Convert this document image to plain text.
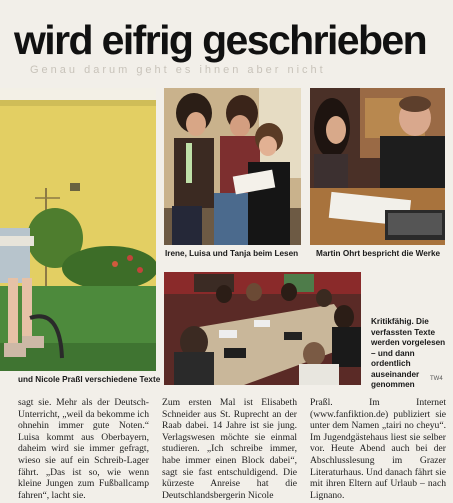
wird eifrig geschrieben
Genau darum geht es ihnen aber nicht
und Nicole Praßl verschiedene Texte
Irene, Luisa und Tanja beim Lesen Martin Ohrt bespricht die Werke
Kritikfähig. Die verfassten Texte werden vorgelesen – und dann ordentlich auseinander genommen
TW4

sagt sie. Mehr als der Deutsch-Unterricht, „weil da bekomme ich ohnehin immer gute Noten.“ Luisa kommt aus Oberbayern, daheim wird sie immer gefragt, wieso sie auf ein Schreib-Lager fährt. „Das ist so, wie wenn kleine Jungen zum Fußballcamp fahren“, lacht sie.

Zum ersten Mal ist Elisabeth Schneider aus St. Ruprecht an der Raab dabei. 14 Jahre ist sie jung. Verlagswesen möchte sie einmal studieren. „Ich schreibe immer, habe immer einen Block dabei“, sagt sie fast entschuldigend. Die kürzeste Anreise hat die Deutschlandsbergerin Nicole

Praßl. Im Internet (www.fanfiktion.de) publiziert sie unter dem Namen „tairi no cheyu“. Im Jugendgästehaus liest sie selber vor. Heute Abend auch bei der Abschlusslesung im Grazer Literaturhaus. Und danach fährt sie mit ihren Eltern auf Urlaub – nach Lignano.
